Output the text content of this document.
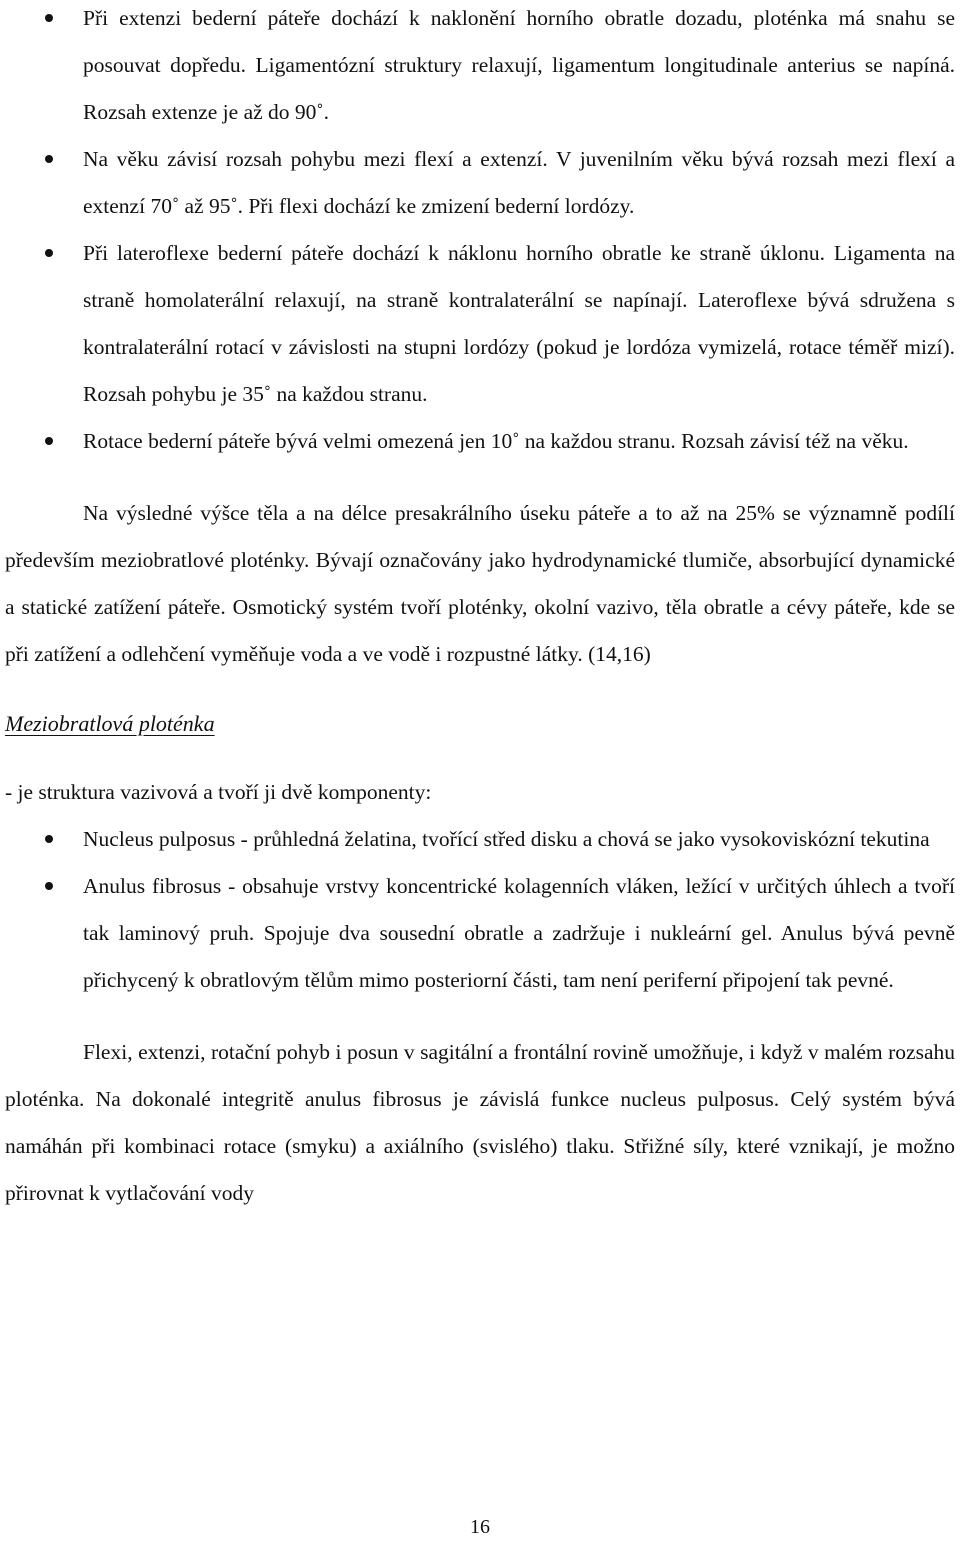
Při extenzi bederní páteře dochází k naklonění horního obratle dozadu, ploténka má snahu se posouvat dopředu. Ligamentózní struktury relaxují, ligamentum longitudinale anterius se napíná. Rozsah extenze je až do 90˚.
Na věku závisí rozsah pohybu mezi flexí a extenzí. V juvenilním věku bývá rozsah mezi flexí a extenzí 70˚ až 95˚. Při flexi dochází ke zmizení bederní lordózy.
Při lateroflexe bederní páteře dochází k náklonu horního obratle ke straně úklonu. Ligamenta na straně homolaterální relaxují, na straně kontralaterální se napínají. Lateroflexe bývá sdružena s kontralaterální rotací v závislosti na stupni lordózy (pokud je lordóza vymizelá, rotace téměř mizí). Rozsah pohybu je 35˚ na každou stranu.
Rotace bederní páteře bývá velmi omezená jen 10˚ na každou stranu. Rozsah závisí též na věku.

Na výsledné výšce těla a na délce presakrálního úseku páteře a to až na 25% se významně podílí především meziobratlové ploténky. Bývají označovány jako hydrodynamické tlumiče, absorbující dynamické a statické zatížení páteře. Osmotický systém tvoří ploténky, okolní vazivo, těla obratle a cévy páteře, kde se při zatížení a odlehčení vyměňuje voda a ve vodě i rozpustné látky. (14,16)

Meziobratlová ploténka

- je struktura vazivová a tvoří ji dvě komponenty:

Nucleus pulposus - průhledná želatina, tvořící střed disku a chová se jako vysokoviskózní tekutina
Anulus fibrosus - obsahuje vrstvy koncentrické kolagenních vláken, ležící v určitých úhlech a tvoří tak laminový pruh. Spojuje dva sousední obratle a zadržuje i nukleární gel. Anulus bývá pevně přichycený k obratlovým tělům mimo posteriorní části, tam není periferní připojení tak pevné.

Flexi, extenzi, rotační pohyb i posun v sagitální a frontální rovině umožňuje, i když v malém rozsahu ploténka. Na dokonalé integritě anulus fibrosus je závislá funkce nucleus pulposus. Celý systém bývá namáhán při kombinaci rotace (smyku) a axiálního (svislého) tlaku. Střižné síly, které vznikají, je možno přirovnat k vytlačování vody

16
